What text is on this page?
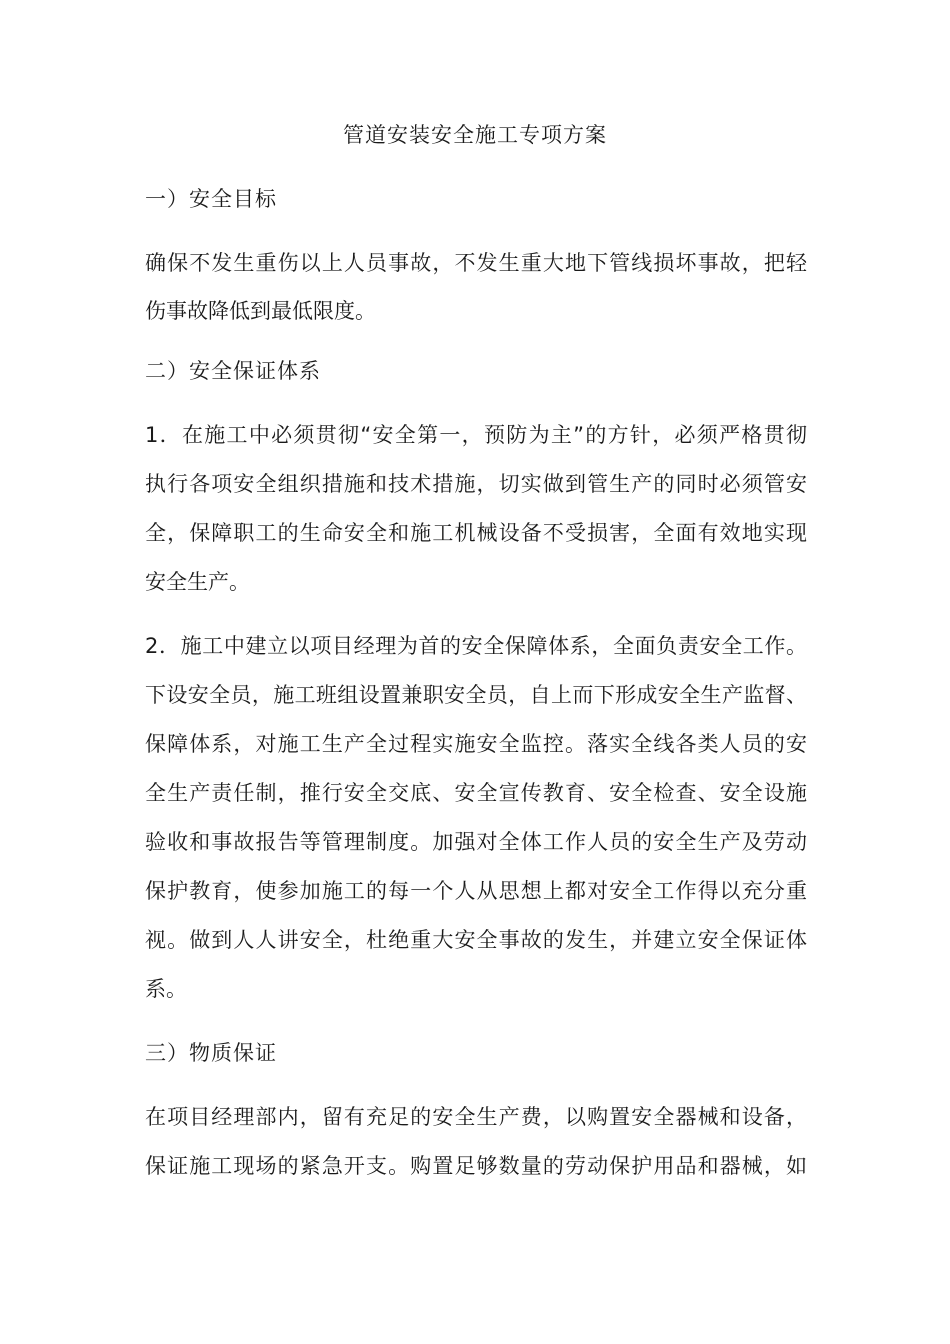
管道安装安全施工专项方案
一）安全目标
确保不发生重伤以上人员事故，不发生重大地下管线损坏事故，把轻
伤事故降低到最低限度。
二）安全保证体系
1．在施工中必须贯彻“安全第一，预防为主”的方针，必须严格贯彻
执行各项安全组织措施和技术措施，切实做到管生产的同时必须管安
全，保障职工的生命安全和施工机械设备不受损害，全面有效地实现
安全生产。
2．施工中建立以项目经理为首的安全保障体系，全面负责安全工作。
下设安全员，施工班组设置兼职安全员，自上而下形成安全生产监督、
保障体系，对施工生产全过程实施安全监控。落实全线各类人员的安
全生产责任制，推行安全交底、安全宣传教育、安全检查、安全设施
验收和事故报告等管理制度。加强对全体工作人员的安全生产及劳动
保护教育，使参加施工的每一个人从思想上都对安全工作得以充分重
视。做到人人讲安全，杜绝重大安全事故的发生，并建立安全保证体
系。
三）物质保证
在项目经理部内，留有充足的安全生产费，以购置安全器械和设备，
保证施工现场的紧急开支。购置足够数量的劳动保护用品和器械，如
